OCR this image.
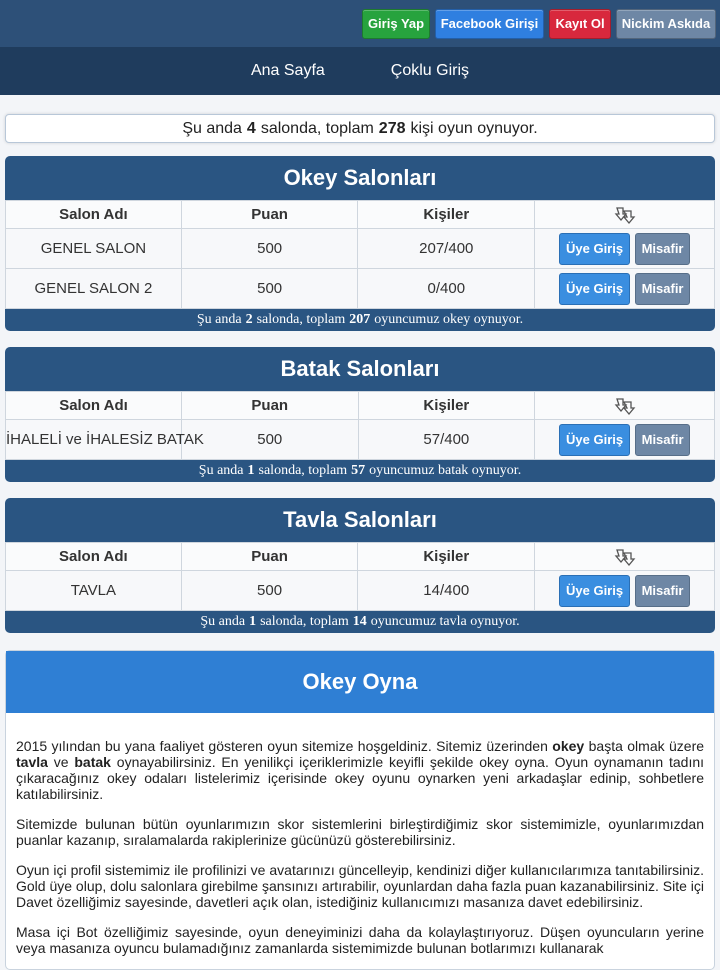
Giriş Yap	Facebook Girişi	Kayıt Ol	Nickim Askıda
Ana Sayfa	Çoklu Giriş
Şu anda 4 salonda, toplam 278 kişi oyun oynuyor.
Okey Salonları
Salon Adı	Puan	Kişiler	
GENEL SALON	500	207/400	Üye Giriş Misafir

GENEL SALON 2	500	0/400	Üye Giriş Misafir
Şu anda 2 salonda, toplam 207 oyuncumuz okey oynuyor.
Batak Salonları
Salon Adı	Puan	Kişiler	
İHALELİ ve İHALESİZ BATAK	500	57/400	Üye Giriş Misafir
Şu anda 1 salonda, toplam 57 oyuncumuz batak oynuyor.
Tavla Salonları
Salon Adı	Puan	Kişiler	
TAVLA	500	14/400	Üye Giriş Misafir
Şu anda 1 salonda, toplam 14 oyuncumuz tavla oynuyor.
Okey Oyna

2015 yılından bu yana faaliyet gösteren oyun sitemize hoşgeldiniz. Sitemiz üzerinden okey başta olmak üzere tavla ve batak oynayabilirsiniz. En yenilikçi içeriklerimizle keyifli şekilde okey oyna. Oyun oynamanın tadını çıkaracağınız okey odaları listelerimiz içerisinde okey oyunu oynarken yeni arkadaşlar edinip, sohbetlere katılabilirsiniz.

Sitemizde bulunan bütün oyunlarımızın skor sistemlerini birleştirdiğimiz skor sistemimizle, oyunlarımızdan puanlar kazanıp, sıralamalarda rakiplerinize gücünüzü gösterebilirsiniz.

Oyun içi profil sistemimiz ile profilinizi ve avatarınızı güncelleyip, kendinizi diğer kullanıcılarımıza tanıtabilirsiniz. Gold üye olup, dolu salonlara girebilme şansınızı artırabilir, oyunlardan daha fazla puan kazanabilirsiniz. Site içi Davet özelliğimiz sayesinde, davetleri açık olan, istediğiniz kullanıcımızı masanıza davet edebilirsiniz.

Masa içi Bot özelliğimiz sayesinde, oyun deneyiminizi daha da kolaylaştırıyoruz. Düşen oyuncuların yerine veya masanıza oyuncu bulamadığınız zamanlarda sistemimizde bulunan botlarımızı kullanarak
